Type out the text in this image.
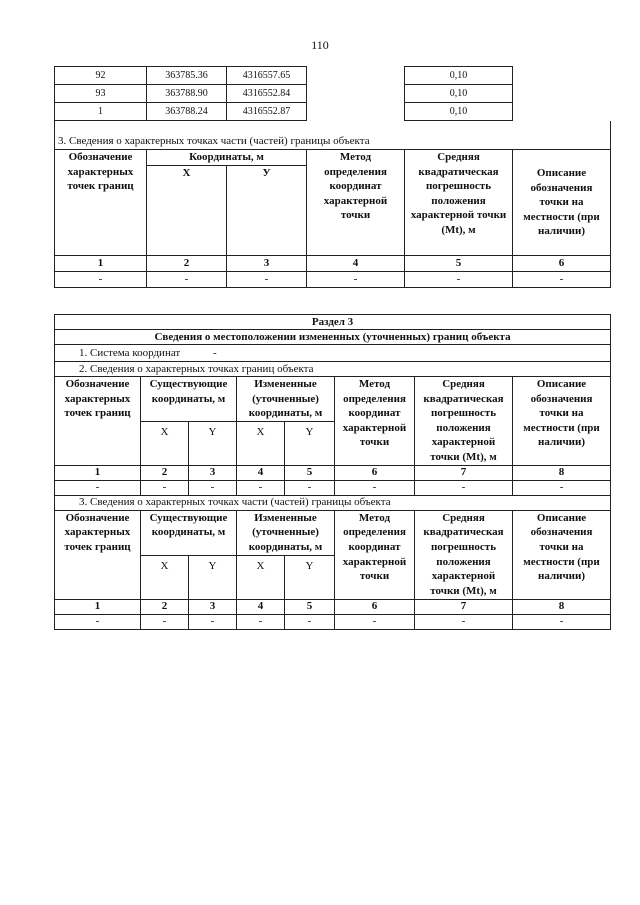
110
92	363785.36	4316557.65		0,10	
93	363788.90	4316552.84		0,10	
1	363788.24	4316552.87		0,10	
3. Сведения о характерных точках части (частей) границы объекта					
Обозначение характерных точек границ	Координаты, м		Метод определения координат характерной точки	Средняя квадратическая погрешность положения характерной точки (Мt), м	Описание обозначения точки на местности (при наличии)
	Х	У			
1	2	3	4	5	6
-	-	-	-	-	-
Раздел 3							
Сведения о местоположении измененных (уточненных) границ объекта							
1. Система координат -							
2. Сведения о характерных точках границ объекта							
Обозначение характерных точек границ	Существующие координаты, м		Измененные (уточненные) координаты, м		Метод определения координат характерной точки	Средняя квадратическая погрешность положения характерной точки (Мt), м	Описание обозначения точки на местности (при наличии)
	X	Y	X	Y			
1	2	3	4	5	6	7	8
-	-	-	-	-	-	-	-
3. Сведения о характерных точках части (частей) границы объекта							
Обозначение характерных точек границ	Существующие координаты, м		Измененные (уточненные) координаты, м		Метод определения координат характерной точки	Средняя квадратическая погрешность положения характерной точки (Мt), м	Описание обозначения точки на местности (при наличии)
	X	Y	X	Y			
1	2	3	4	5	6	7	8
-	-	-	-	-	-	-	-
